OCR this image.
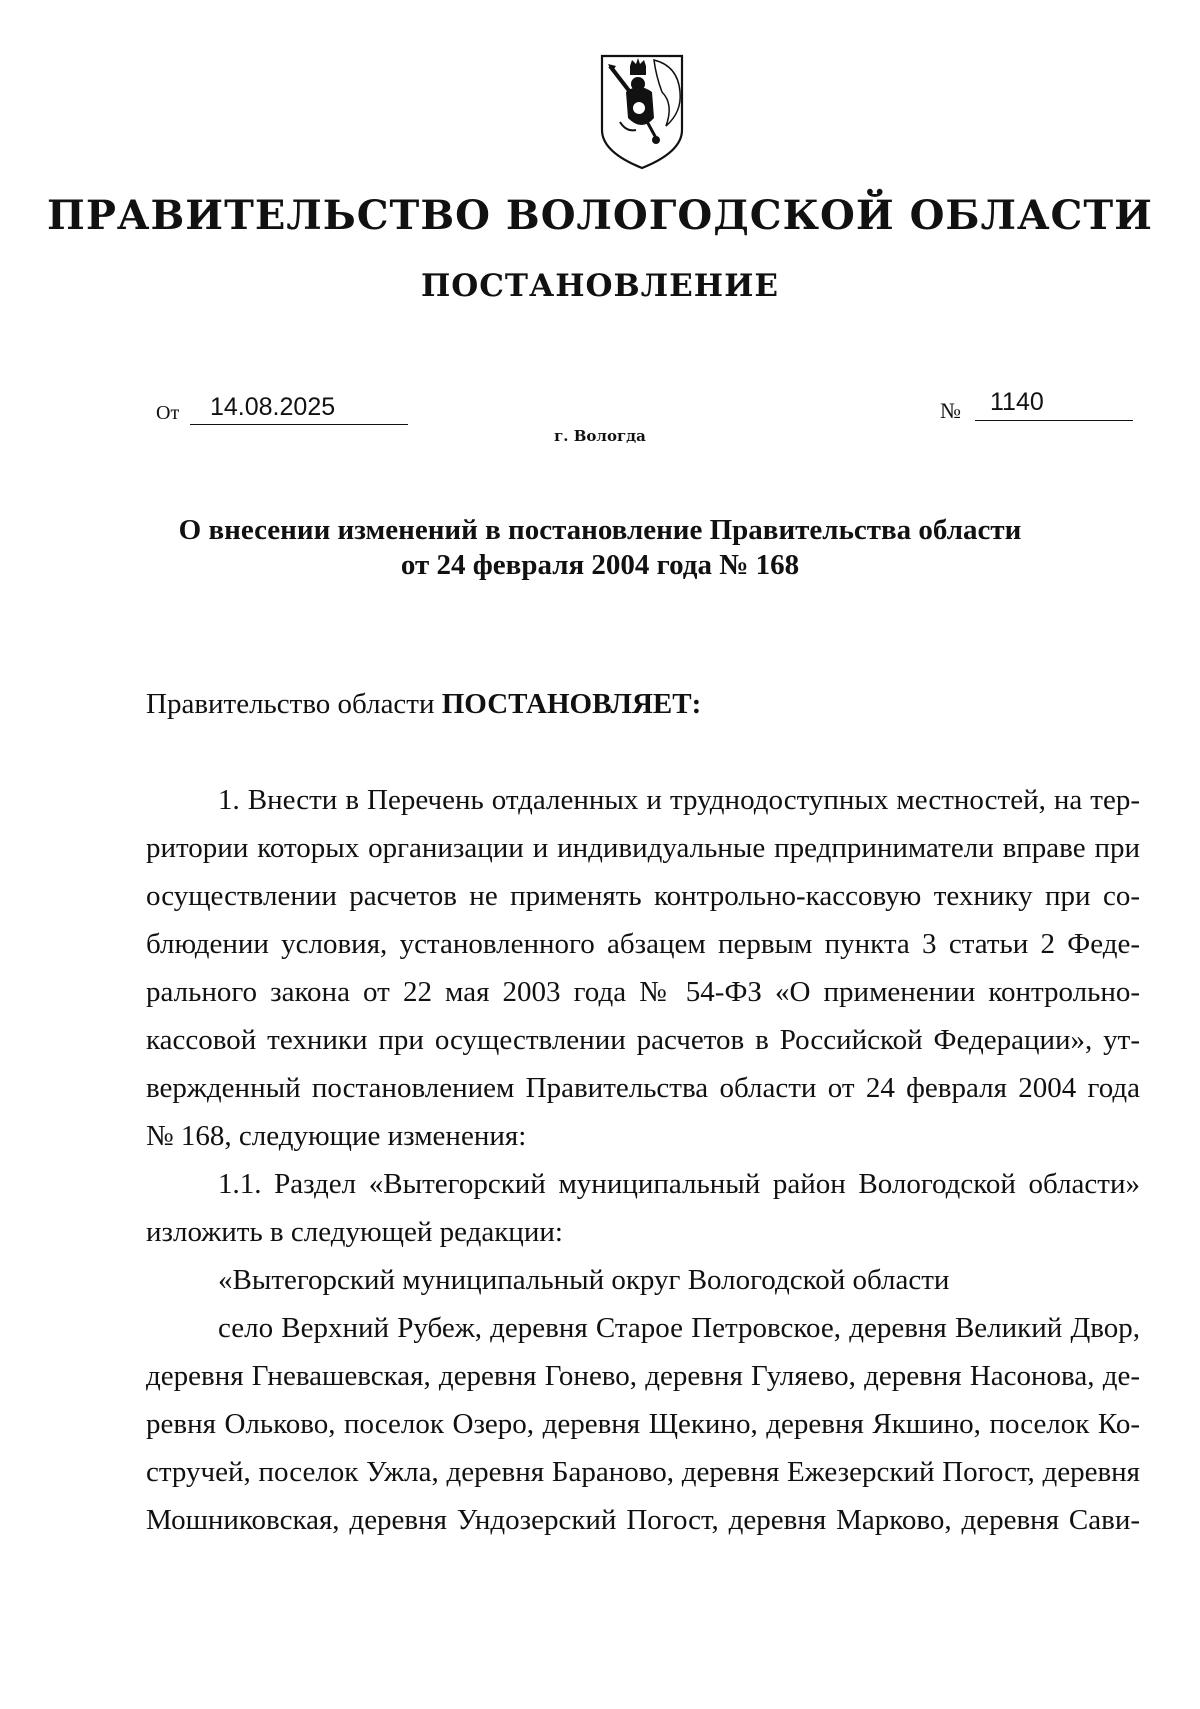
ПРАВИТЕЛЬСТВО ВОЛОГОДСКОЙ ОБЛАСТИ
ПОСТАНОВЛЕНИЕ
От 14.08.2025	№ 1140
г. Вологда
О внесении изменений в постановление Правительства области
от 24 февраля 2004 года № 168
Правительство области ПОСТАНОВЛЯЕТ:
1. Внести в Перечень отдаленных и труднодоступных местностей, на тер-
ритории которых организации и индивидуальные предприниматели вправе при
осуществлении расчетов не применять контрольно-кассовую технику при со-
блюдении условия, установленного абзацем первым пункта 3 статьи 2 Феде-
рального закона от 22 мая 2003 года № 54-ФЗ «О применении контрольно-
кассовой техники при осуществлении расчетов в Российской Федерации», ут-
вержденный постановлением Правительства области от 24 февраля 2004 года
№ 168, следующие изменения:
1.1. Раздел «Вытегорский муниципальный район Вологодской области»
изложить в следующей редакции:
«Вытегорский муниципальный округ Вологодской области
село Верхний Рубеж, деревня Старое Петровское, деревня Великий Двор,
деревня Гневашевская, деревня Гонево, деревня Гуляево, деревня Насонова, де-
ревня Ольково, поселок Озеро, деревня Щекино, деревня Якшино, поселок Ко-
стручей, поселок Ужла, деревня Бараново, деревня Ежезерский Погост, деревня
Мошниковская, деревня Ундозерский Погост, деревня Марково, деревня Сави-
